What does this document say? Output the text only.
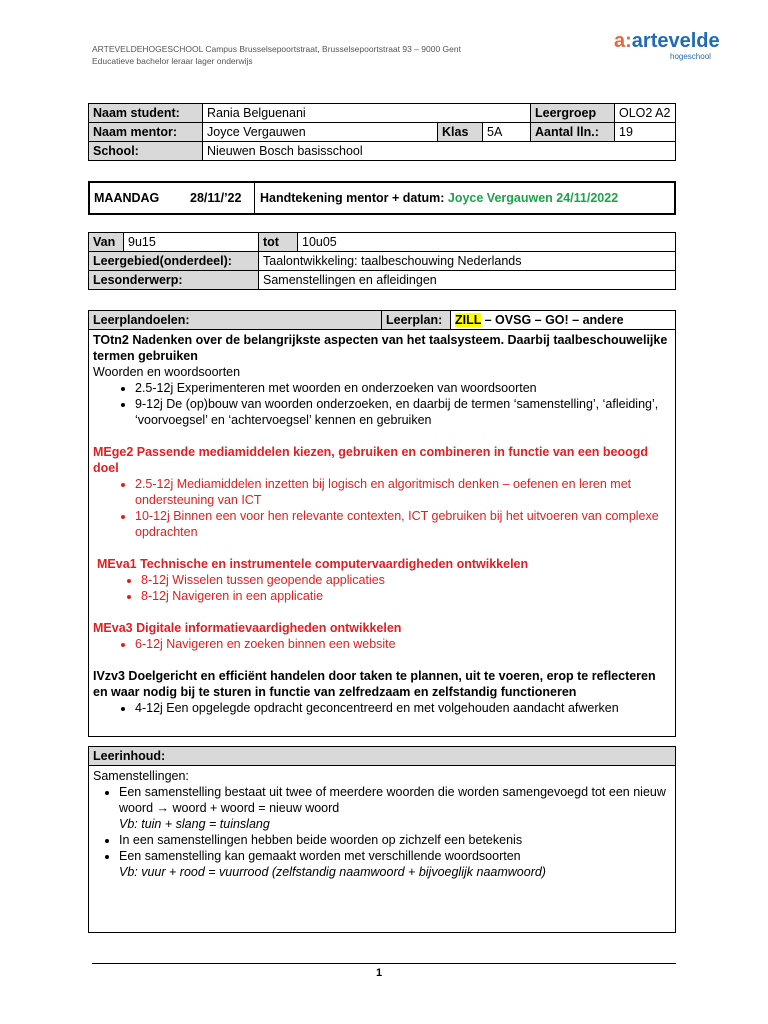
ARTEVELDEHOGESCHOOL Campus Brusselsepoortstraat, Brusselsepoortstraat 93 – 9000 Gent
Educatieve bachelor leraar lager onderwijs
a:artevelde
hogeschool
Naam student:	Rania Belguenani			Leergroep	OLO2 A2
Naam mentor:	Joyce Vergauwen	Klas	5A	Aantal lln.:	19
School:	Nieuwen Bosch basisschool				
MAANDAG 28/11/’22 Handtekening mentor + datum: Joyce Vergauwen 24/11/2022
Van	9u15	tot	10u05
Leergebied(onderdeel):		Taalontwikkeling: taalbeschouwing Nederlands	
Lesonderwerp:		Samenstellingen en afleidingen	
Leerplandoelen:	Leerplan:	ZILL – OVSG – GO! – andere

TOtn2 Nadenken over de belangrijkste aspecten van het taalsysteem. Daarbij taalbeschouwelijke termen gebruiken
Woorden en woordsoorten
• 2.5-12j Experimenteren met woorden en onderzoeken van woordsoorten
• 9-12j De (op)bouw van woorden onderzoeken, en daarbij de termen ‘samenstelling’, ‘afleiding’, ‘voorvoegsel’ en ‘achtervoegsel’ kennen en gebruiken
MEge2 Passende mediamiddelen kiezen, gebruiken en combineren in functie van een beoogd doel
• 2.5-12j Mediamiddelen inzetten bij logisch en algoritmisch denken – oefenen en leren met ondersteuning van ICT
• 10-12j Binnen een voor hen relevante contexten, ICT gebruiken bij het uitvoeren van complexe opdrachten
MEva1 Technische en instrumentele computervaardigheden ontwikkelen
• 8-12j Wisselen tussen geopende applicaties
• 8-12j Navigeren in een applicatie
MEva3 Digitale informatievaardigheden ontwikkelen
• 6-12j Navigeren en zoeken binnen een website
IVzv3 Doelgericht en efficiënt handelen door taken te plannen, uit te voeren, erop te reflecteren en waar nodig bij te sturen in functie van zelfredzaam en zelfstandig functioneren
• 4-12j Een opgelegde opdracht geconcentreerd en met volgehouden aandacht afwerken
Leerinhoud:

Samenstellingen:
• Een samenstelling bestaat uit twee of meerdere woorden die worden samengevoegd tot een nieuw woord → woord + woord = nieuw woord
Vb: tuin + slang = tuinslang
• In een samenstellingen hebben beide woorden op zichzelf een betekenis
• Een samenstelling kan gemaakt worden met verschillende woordsoorten
Vb: vuur + rood = vuurrood (zelfstandig naamwoord + bijvoeglijk naamwoord)
1
